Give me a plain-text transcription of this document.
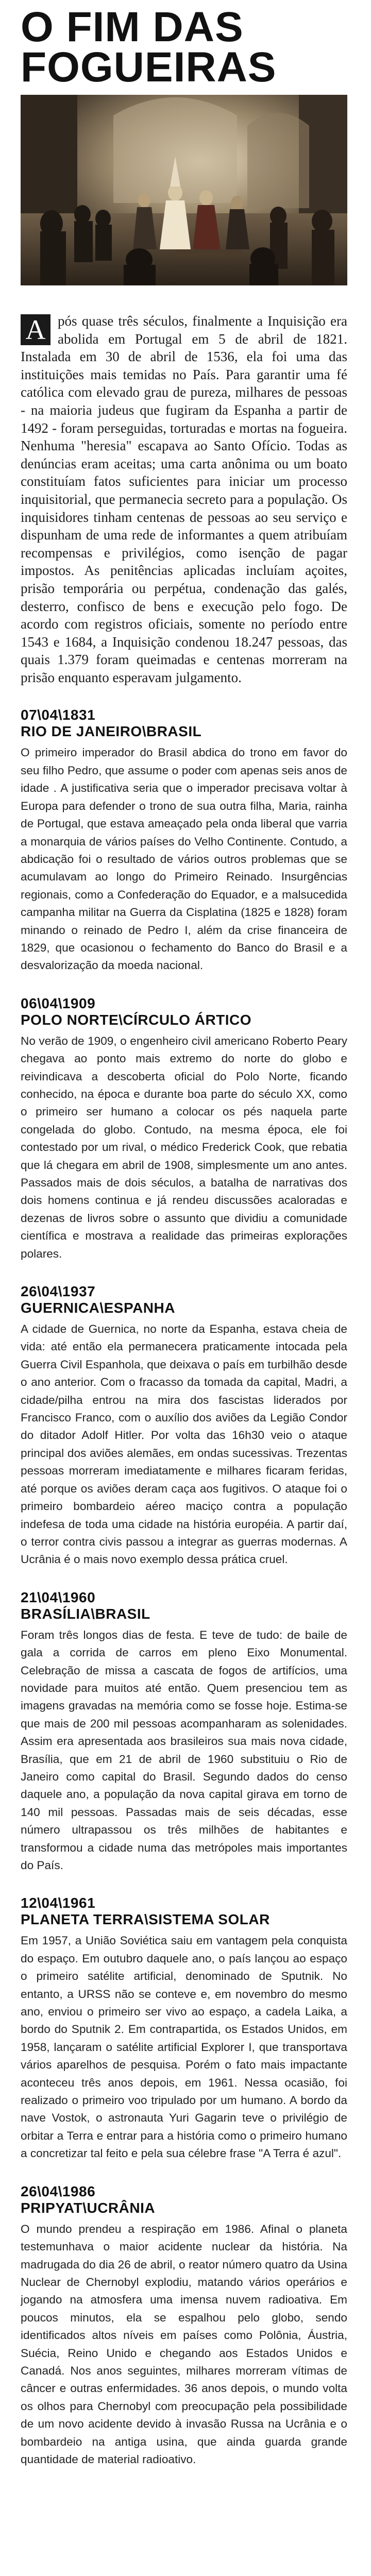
O FIM DAS
FOGUEIRAS
A pós quase três séculos, finalmente a Inquisição era abolida em Portugal em 5 de abril de 1821. Instalada em 30 de abril de 1536, ela foi uma das instituições mais temidas no País. Para garantir uma fé católica com elevado grau de pureza, milhares de pessoas - na maioria judeus que fugiram da Espanha a partir de 1492 - foram perseguidas, torturadas e mortas na fogueira. Nenhuma "heresia" escapava ao Santo Ofício. Todas as denúncias eram aceitas; uma carta anônima ou um boato constituíam fatos suficientes para iniciar um processo inquisitorial, que permanecia secreto para a população. Os inquisidores tinham centenas de pessoas ao seu serviço e dispunham de uma rede de informantes a quem atribuíam recompensas e privilégios, como isenção de pagar impostos. As penitências aplicadas incluíam açoites, prisão temporária ou perpétua, condenação das galés, desterro, confisco de bens e execução pelo fogo. De acordo com registros oficiais, somente no período entre 1543 e 1684, a Inquisição condenou 18.247 pessoas, das quais 1.379 foram queimadas e centenas morreram na prisão enquanto esperavam julgamento.
07\04\1831
RIO DE JANEIRO\BRASIL
O primeiro imperador do Brasil abdica do trono em favor do seu filho Pedro, que assume o poder com apenas seis anos de idade . A justificativa seria que o imperador precisava voltar à Europa para defender o trono de sua outra filha, Maria, rainha de Portugal, que estava ameaçado pela onda liberal que varria a monarquia de vários países do Velho Continente. Contudo, a abdicação foi o resultado de vários outros problemas que se acumulavam ao longo do Primeiro Reinado. Insurgências regionais, como a Confederação do Equador, e a malsucedida campanha militar na Guerra da Cisplatina (1825 e 1828) foram minando o reinado de Pedro I, além da crise financeira de 1829, que ocasionou o fechamento do Banco do Brasil e a desvalorização da moeda nacional.
06\04\1909
POLO NORTE\CÍRCULO ÁRTICO
No verão de 1909, o engenheiro civil americano Roberto Peary chegava ao ponto mais extremo do norte do globo e reivindicava a descoberta oficial do Polo Norte, ficando conhecido, na época e durante boa parte do século XX, como o primeiro ser humano a colocar os pés naquela parte congelada do globo. Contudo, na mesma época, ele foi contestado por um rival, o médico Frederick Cook, que rebatia que lá chegara em abril de 1908, simplesmente um ano antes. Passados mais de dois séculos, a batalha de narrativas dos dois homens continua e já rendeu discussões acaloradas e dezenas de livros sobre o assunto que dividiu a comunidade científica e mostrava a realidade das primeiras explorações polares.
26\04\1937
GUERNICA\ESPANHA
A cidade de Guernica, no norte da Espanha, estava cheia de vida: até então ela permanecera praticamente intocada pela Guerra Civil Espanhola, que deixava o país em turbilhão desde o ano anterior. Com o fracasso da tomada da capital, Madri, a cidade/pilha entrou na mira dos fascistas liderados por Francisco Franco, com o auxílio dos aviões da Legião Condor do ditador Adolf Hitler. Por volta das 16h30 veio o ataque principal dos aviões alemães, em ondas sucessivas. Trezentas pessoas morreram imediatamente e milhares ficaram feridas, até porque os aviões deram caça aos fugitivos. O ataque foi o primeiro bombardeio aéreo maciço contra a população indefesa de toda uma cidade na história européia. A partir daí, o terror contra civis passou a integrar as guerras modernas. A Ucrânia é o mais novo exemplo dessa prática cruel.
21\04\1960
BRASÍLIA\BRASIL
Foram três longos dias de festa. E teve de tudo: de baile de gala a corrida de carros em pleno Eixo Monumental. Celebração de missa a cascata de fogos de artifícios, uma novidade para muitos até então. Quem presenciou tem as imagens gravadas na memória como se fosse hoje. Estima-se que mais de 200 mil pessoas acompanharam as solenidades. Assim era apresentada aos brasileiros sua mais nova cidade, Brasília, que em 21 de abril de 1960 substituiu o Rio de Janeiro como capital do Brasil. Segundo dados do censo daquele ano, a população da nova capital girava em torno de 140 mil pessoas. Passadas mais de seis décadas, esse número ultrapassou os três milhões de habitantes e transformou a cidade numa das metrópoles mais importantes do País.
12\04\1961
PLANETA TERRA\SISTEMA SOLAR
Em 1957, a União Soviética saiu em vantagem pela conquista do espaço. Em outubro daquele ano, o país lançou ao espaço o primeiro satélite artificial, denominado de Sputnik. No entanto, a URSS não se conteve e, em novembro do mesmo ano, enviou o primeiro ser vivo ao espaço, a cadela Laika, a bordo do Sputnik 2. Em contrapartida, os Estados Unidos, em 1958, lançaram o satélite artificial Explorer I, que transportava vários aparelhos de pesquisa. Porém o fato mais impactante aconteceu três anos depois, em 1961. Nessa ocasião, foi realizado o primeiro voo tripulado por um humano. A bordo da nave Vostok, o astronauta Yuri Gagarin teve o privilégio de orbitar a Terra e entrar para a história como o primeiro humano a concretizar tal feito e pela sua célebre frase "A Terra é azul".
26\04\1986
PRIPYAT\UCRÂNIA
O mundo prendeu a respiração em 1986. Afinal o planeta testemunhava o maior acidente nuclear da história. Na madrugada do dia 26 de abril, o reator número quatro da Usina Nuclear de Chernobyl explodiu, matando vários operários e jogando na atmosfera uma imensa nuvem radioativa. Em poucos minutos, ela se espalhou pelo globo, sendo identificados altos níveis em países como Polônia, Áustria, Suécia, Reino Unido e chegando aos Estados Unidos e Canadá. Nos anos seguintes, milhares morreram vítimas de câncer e outras enfermidades. 36 anos depois, o mundo volta os olhos para Chernobyl com preocupação pela possibilidade de um novo acidente devido à invasão Russa na Ucrânia e o bombardeio na antiga usina, que ainda guarda grande quantidade de material radioativo.
